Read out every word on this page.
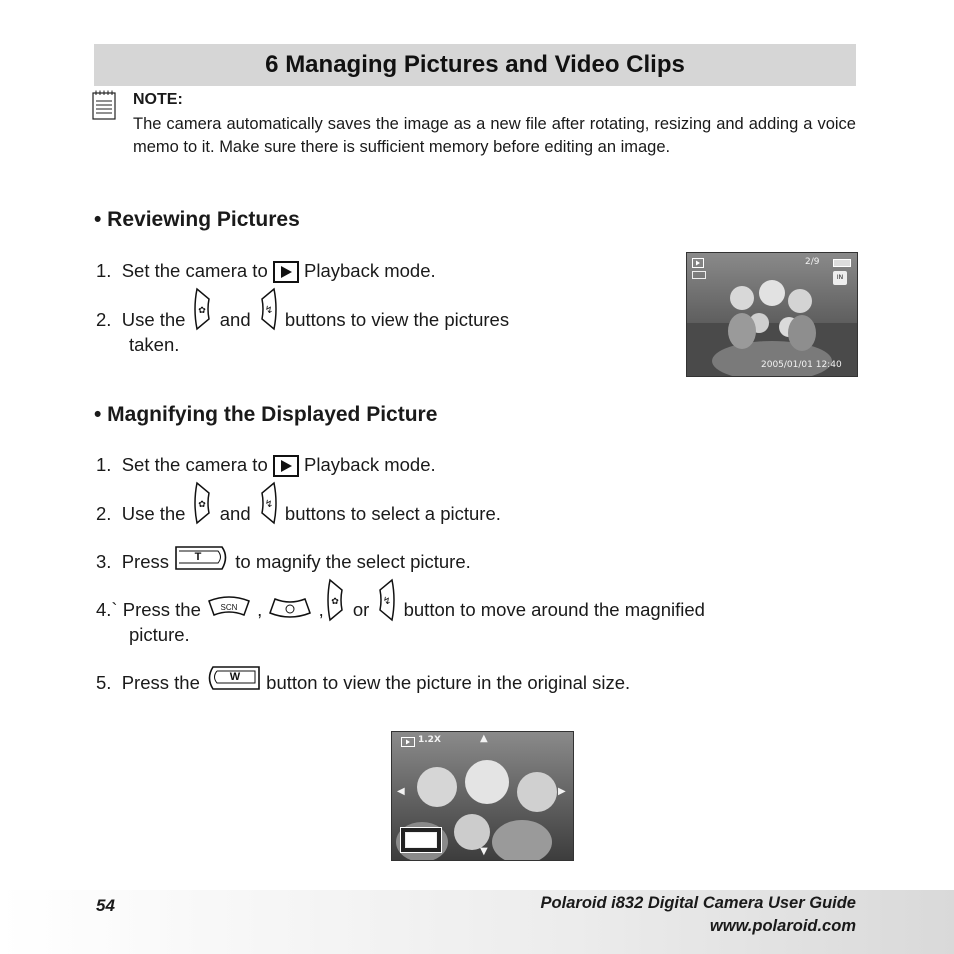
6 Managing Pictures and Video Clips
NOTE:
The camera automatically saves the image as a new file after rotating, resizing and adding a voice memo to it. Make sure there is sufficient memory before editing an image.
• Reviewing Pictures
1. Set the camera to Playback mode.
2. Use the ✿ and ↯ buttons to view the pictures
taken.
2/9
IN
2005/01/01 12:40
• Magnifying the Displayed Picture
1. Set the camera to Playback mode.
2. Use the ✿ and ↯ buttons to select a picture.
3. Press T to magnify the select picture.
4.` Press the SCN ,	, ✿ or ↯ button to move around the magnified
picture.
5. Press the	W button to view the picture in the original size.
1.2X	▲
▼
◀	▶
54	Polaroid i832 Digital Camera User Guide
www.polaroid.com
